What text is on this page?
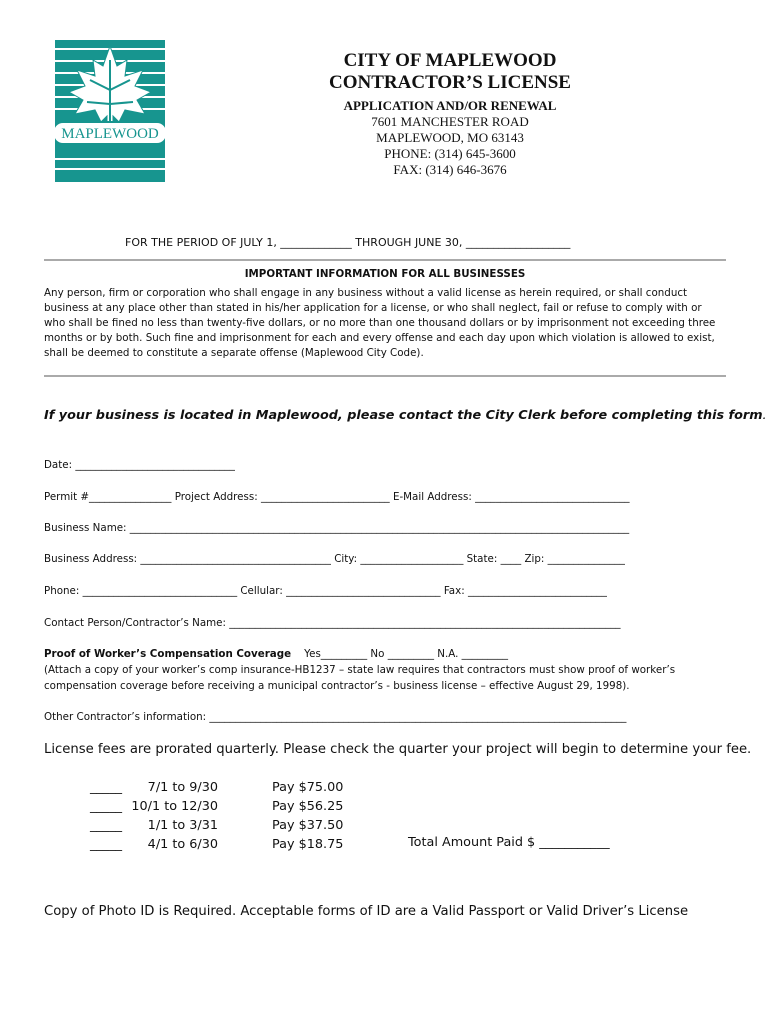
MAPLEWOOD
CITY OF MAPLEWOOD
CONTRACTOR’S LICENSE
APPLICATION AND/OR RENEWAL
7601 MANCHESTER ROAD
MAPLEWOOD, MO 63143
PHONE: (314) 645-3600
FAX: (314) 646-3676
FOR THE PERIOD OF JULY 1, _____________ THROUGH JUNE 30, ___________________
IMPORTANT INFORMATION FOR ALL BUSINESSES
Any person, firm or corporation who shall engage in any business without a valid license as herein required, or shall conduct business at any place other than stated in his/her application for a license, or who shall neglect, fail or refuse to comply with or who shall be fined no less than twenty-five dollars, or no more than one thousand dollars or by imprisonment not exceeding three months or by both. Such fine and imprisonment for each and every offense and each day upon which violation is allowed to exist, shall be deemed to constitute a separate offense (Maplewood City Code).
If your business is located in Maplewood, please contact the City Clerk before completing this form.
Date: _______________________________
Permit #________________ Project Address: _________________________ E-Mail Address: ______________________________
Business Name: _________________________________________________________________________________________________
Business Address: _____________________________________ City: ____________________ State: ____ Zip: _______________
Phone: ______________________________ Cellular: ______________________________ Fax: ___________________________
Contact Person/Contractor’s Name: ____________________________________________________________________________
Proof of Worker’s Compensation Coverage    Yes_________ No _________ N.A. _________
(Attach a copy of your worker’s comp insurance-HB1237 – state law requires that contractors must show proof of worker’s
compensation coverage before receiving a municipal contractor’s - business license – effective August 29, 1998).
Other Contractor’s information: _________________________________________________________________________________
License fees are prorated quarterly. Please check the quarter your project will begin to determine your fee.
_____
_____
_____
_____
7/1 to 9/30
10/1 to 12/30
1/1 to 3/31
4/1 to 6/30
Pay $75.00
Pay $56.25
Pay $37.50
Pay $18.75	Total Amount Paid $ ___________
Copy of Photo ID is Required. Acceptable forms of ID are a Valid Passport or Valid Driver’s License
